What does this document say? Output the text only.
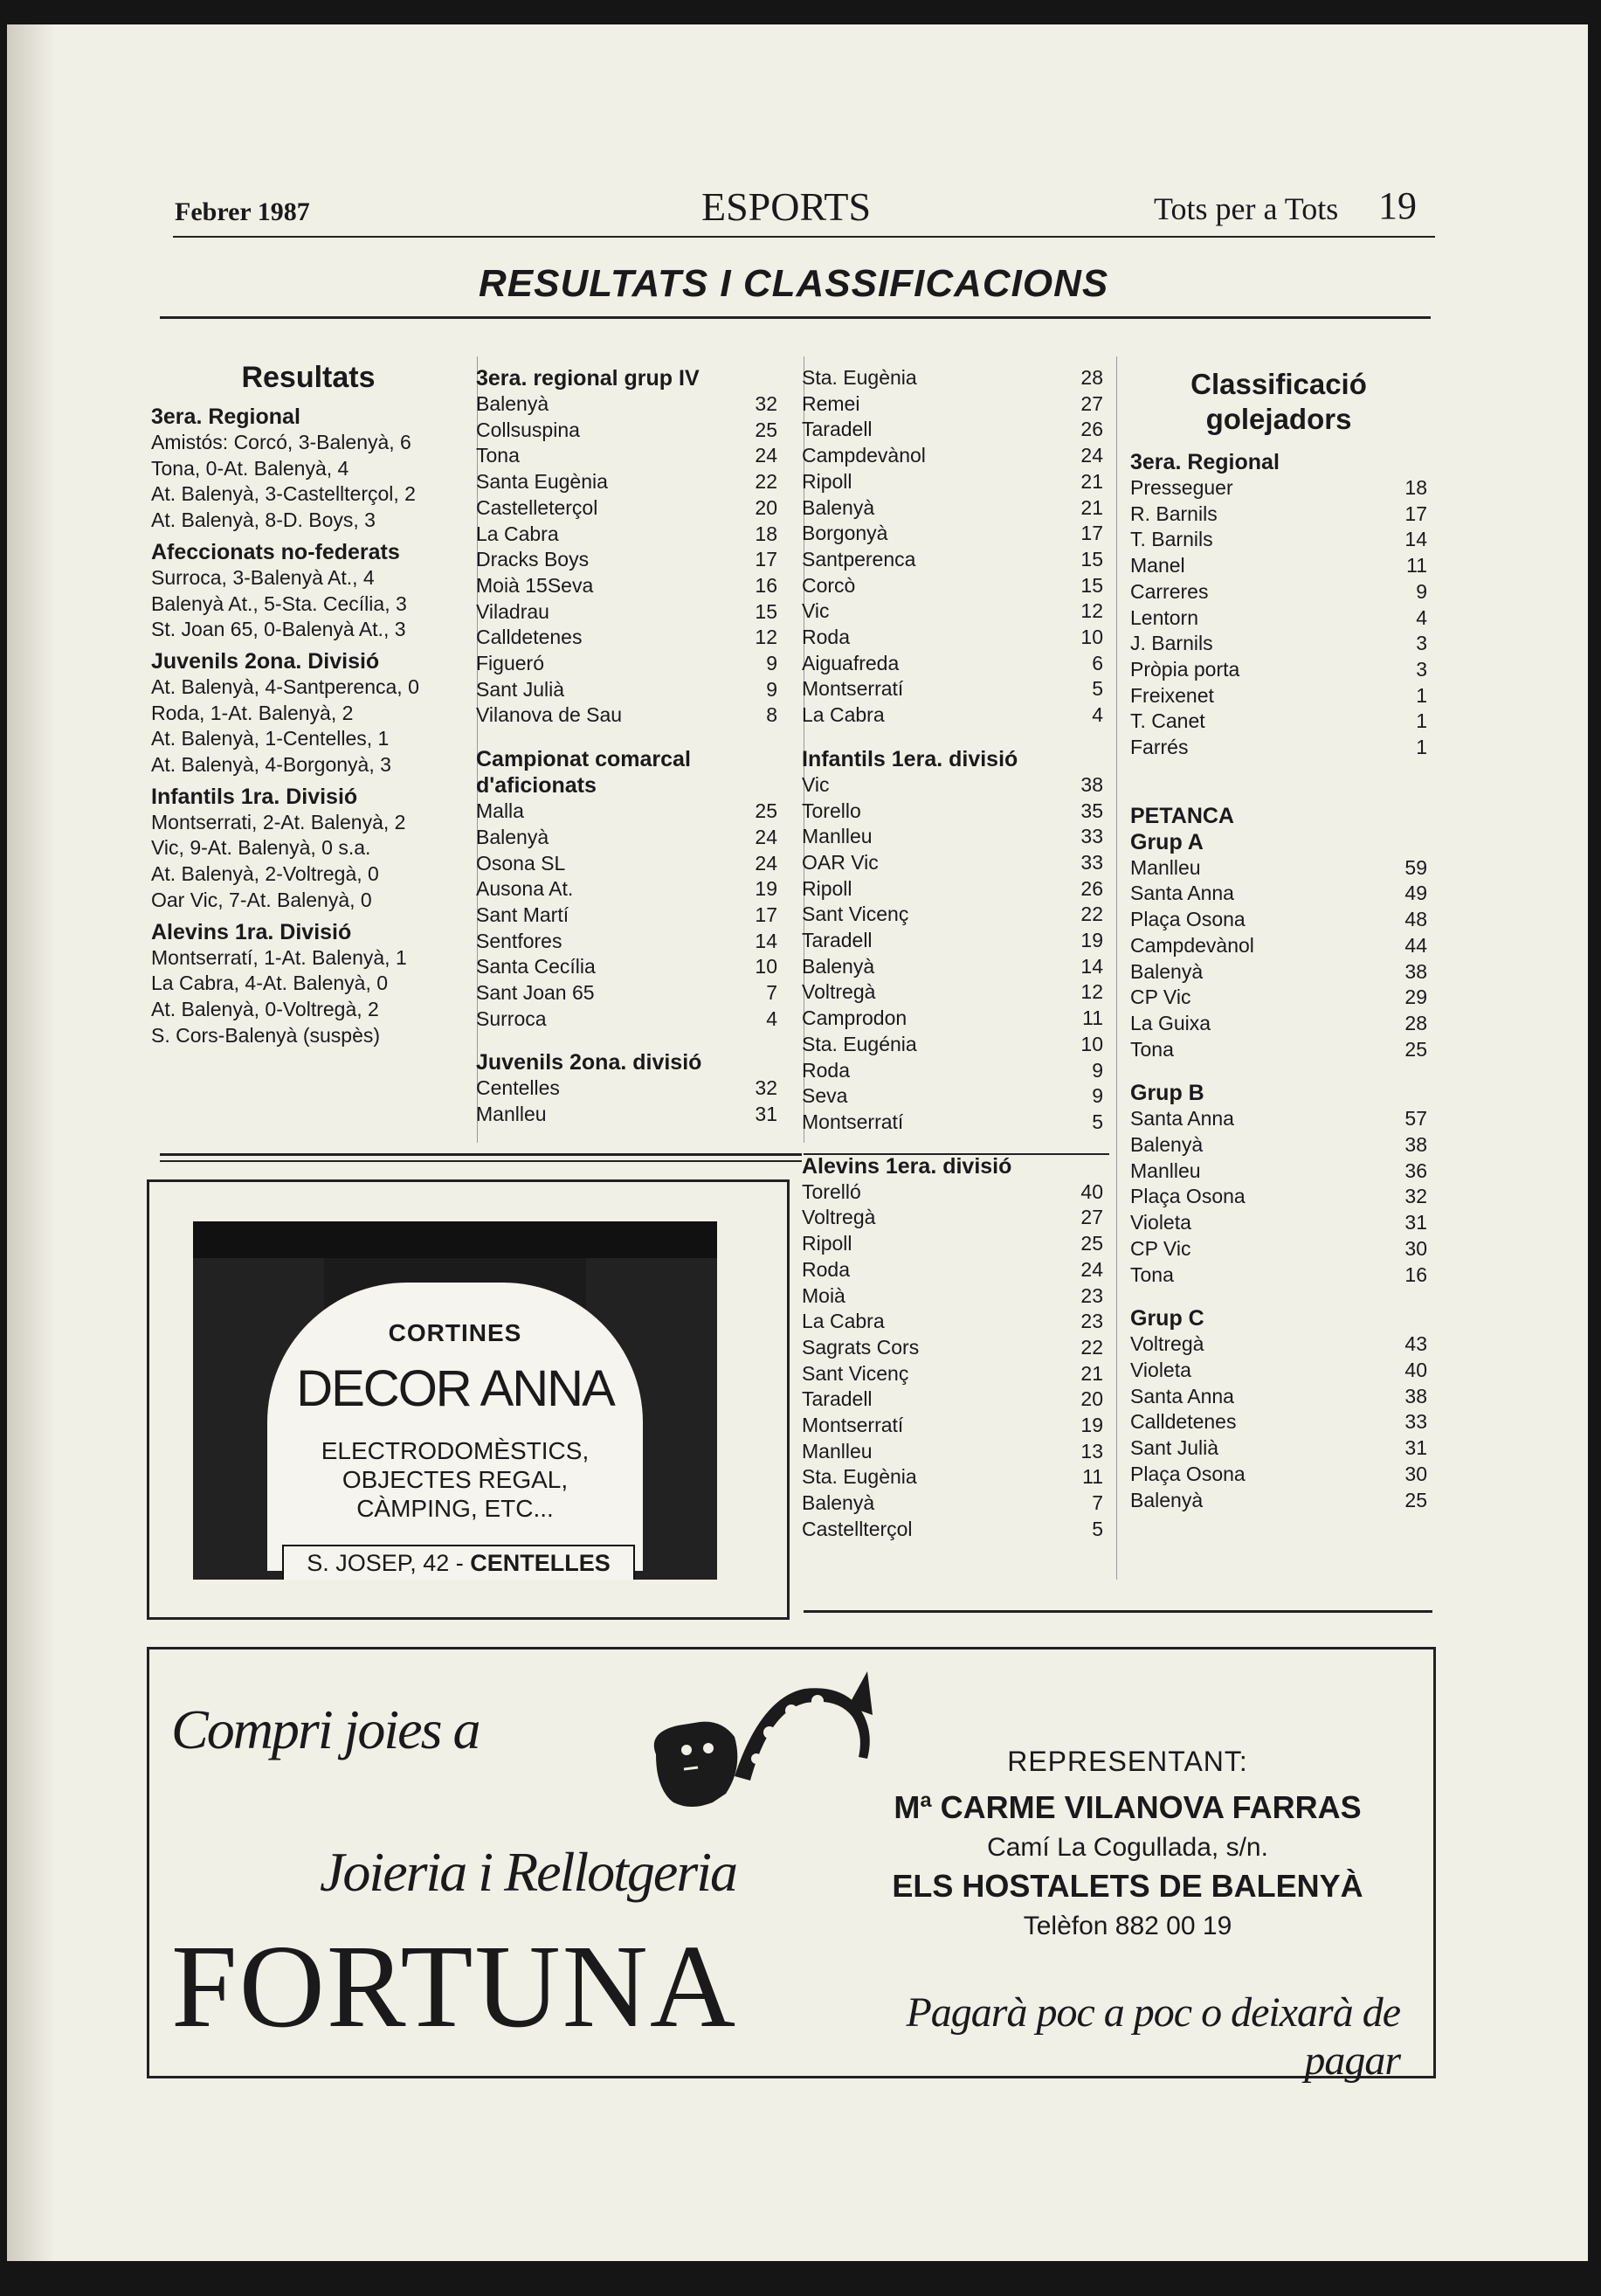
Febrer 1987	ESPORTS	Tots per a Tots 19
RESULTATS I CLASSIFICACIONS
Resultats
3era. Regional
Amistós: Corcó, 3-Balenyà, 6
Tona, 0-At. Balenyà, 4
At. Balenyà, 3-Castellterçol, 2
At. Balenyà, 8-D. Boys, 3
Afeccionats no-federats
Surroca, 3-Balenyà At., 4
Balenyà At., 5-Sta. Cecília, 3
St. Joan 65, 0-Balenyà At., 3
Juvenils 2ona. Divisió
At. Balenyà, 4-Santperenca, 0
Roda, 1-At. Balenyà, 2
At. Balenyà, 1-Centelles, 1
At. Balenyà, 4-Borgonyà, 3
Infantils 1ra. Divisió
Montserrati, 2-At. Balenyà, 2
Vic, 9-At. Balenyà, 0 s.a.
At. Balenyà, 2-Voltregà, 0
Oar Vic, 7-At. Balenyà, 0
Alevins 1ra. Divisió
Montserratí, 1-At. Balenyà, 1
La Cabra, 4-At. Balenyà, 0
At. Balenyà, 0-Voltregà, 2
S. Cors-Balenyà (suspès)
3era. regional grup IV
Balenyà	32
Collsuspina	25
Tona	24
Santa Eugènia	22
Castelleterçol	20
La Cabra	18
Dracks Boys	17
Moià 15Seva	16
Viladrau	15
Calldetenes	12
Figueró	9
Sant Julià	9
Vilanova de Sau	8
Campionat comarcal d'aficionats
Malla	25
Balenyà	24
Osona SL	24
Ausona At.	19
Sant Martí	17
Sentfores	14
Santa Cecília	10
Sant Joan 65	7
Surroca	4
Juvenils 2ona. divisió
Centelles	32
Manlleu	31
Sta. Eugènia	28
Remei	27
Taradell	26
Campdevànol	24
Ripoll	21
Balenyà	21
Borgonyà	17
Santperenca	15
Corcò	15
Vic	12
Roda	10
Aiguafreda	6
Montserratí	5
La Cabra	4
Infantils 1era. divisió
Vic	38
Torello	35
Manlleu	33
OAR Vic	33
Ripoll	26
Sant Vicenç	22
Taradell	19
Balenyà	14
Voltregà	12
Camprodon	11
Sta. Eugénia	10
Roda	9
Seva	9
Montserratí	5
Alevins 1era. divisió
Torelló	40
Voltregà	27
Ripoll	25
Roda	24
Moià	23
La Cabra	23
Sagrats Cors	22
Sant Vicenç	21
Taradell	20
Montserratí	19
Manlleu	13
Sta. Eugènia	11
Balenyà	7
Castellterçol	5
Classificació
golejadors
3era. Regional
Presseguer	18
R. Barnils	17
T. Barnils	14
Manel	11
Carreres	9
Lentorn	4
J. Barnils	3
Pròpia porta	3
Freixenet	1
T. Canet	1
Farrés	1
PETANCA
Grup A
Manlleu	59
Santa Anna	49
Plaça Osona	48
Campdevànol	44
Balenyà	38
CP Vic	29
La Guixa	28
Tona	25
Grup B
Santa Anna	57
Balenyà	38
Manlleu	36
Plaça Osona	32
Violeta	31
CP Vic	30
Tona	16
Grup C
Voltregà	43
Violeta	40
Santa Anna	38
Calldetenes	33
Sant Julià	31
Plaça Osona	30
Balenyà	25
CORTINES
DECOR ANNA
ELECTRODOMÈSTICS,
OBJECTES REGAL,
CÀMPING, ETC...
S. JOSEP, 42 - CENTELLES
Compri joies a
Joieria i Rellotgeria
FORTUNA
REPRESENTANT:
Mª CARME VILANOVA FARRAS
Camí La Cogullada, s/n.
ELS HOSTALETS DE BALENYÀ
Telèfon 882 00 19
Pagarà poc a poc o deixarà de pagar
